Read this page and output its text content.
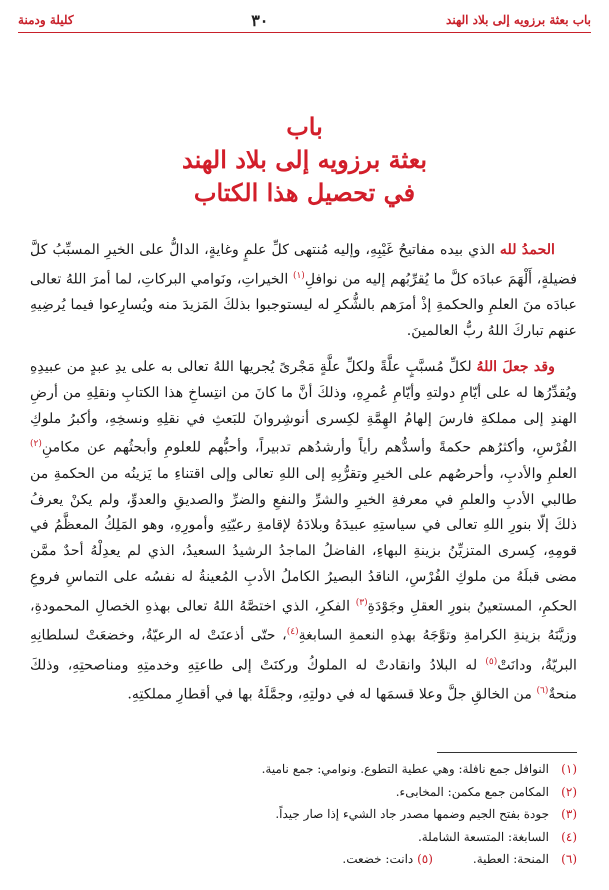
باب بعثة برزويه إلى بلاد الهند
٣٠
كليلة ودمنة
باب
بعثة برزويه إلى بلاد الهند
في تحصيل هذا الكتاب

الحمدُ لله الذي بيده مفاتيحُ غَيْبِهِ، وإليه مُنتهى كلِّ علمٍ وغايةٍ، الدالُّ على الخيرِ المسبِّبُ كلَّ فضيلةٍ، أَلْهَمَ عبادَه كلَّ ما يُقرِّبُهم إليه من نوافلِ$^{(١)}$ الخيراتِ، ونَوامي البركاتِ، لما أمرَ اللهُ تعالى عبادَه منَ العلمِ والحكمةِ إذْ أمرَهم بالشُّكرِ له ليستوجبوا بذلكَ المَزيدَ منه ويُسارِعوا فيما يُرضِيهِ عنهم تباركَ اللهُ ربُّ العالمينَ.

وقد جعلَ اللهُ لكلِّ مُسبَّبٍ علَّةً ولكلِّ علَّةٍ مَجْرىً يُجريها اللهُ تعالى به على يدِ عبدٍ من عبيدِهِ ويُقدِّرُها له على أيّامِ دولتهِ وأيّامِ عُمرِهِ، وذلكَ أنَّ ما كانَ من انتِساخِ هذا الكتابِ ونقلِهِ من أرضِ الهندِ إلى مملكةِ فارسَ إلهامُ الهِمَّةِ لكِسرى أنوشِروانَ للبَعثِ في نقلِهِ ونسخِهِ، وأكبرُ ملوكِ الفُرْسِ، وأكثرُهم حكمةً وأسدُّهم رأياً وأرشدُهم تدبيراً، وأحبُّهم للعلومِ وأبحثُهم عن مكامنِ$^{(٢)}$ العلمِ والأدبِ، وأحرصُهم على الخيرِ وتقرُّبِهِ إلى اللهِ تعالى وإلى اقتناءِ ما يَزينُه من الحكمةِ من طالبي الأدبِ والعلمِ في معرفةِ الخيرِ والشرِّ والنفعِ والضرِّ والصديقِ والعدوِّ، ولم يكنْ يعرفُ ذلكَ إلّا بنورِ اللهِ تعالى في سياستِهِ عبيدَهُ وبلادَهُ لإقامةِ رعيّتِهِ وأمورِهِ، وهو المَلِكُ المعظَّمُ في قومِهِ، كِسرى المتزيِّنُ بزينةِ البهاءِ، الفاضلُ الماجدُ الرشيدُ السعيدُ، الذي لم يعدِلْهُ أحدٌ ممَّن مضى قبلَهُ من ملوكِ الفُرْسِ، الناقدُ البصيرُ الكاملُ الأدبِ المُعينةُ له نفسُه على التماسِ فروعِ الحكمِ، المستعينُ بنورِ العقلِ وجَوْدَةِ$^{(٣)}$ الفكرِ، الذي اختصَّهُ اللهُ تعالى بهذهِ الخصالِ المحمودةِ، وزيَّنَهُ بزينةِ الكرامةِ وتوَّجَهُ بهذهِ النعمةِ السابغةِ$^{(٤)}$، حتّى أذعنَتْ له الرعيّةُ، وخضعَتْ لسلطانِهِ البريّةُ، ودانَتْ$^{(٥)}$ له البلادُ وانقادتْ له الملوكُ وركنَتْ إلى طاعتِهِ وخدمتِهِ ومناصحتِهِ، وذلكَ منحةٌ$^{(٦)}$ من الخالقِ جلَّ وعلا قسمَها له في دولتِهِ، وجمَّلَهُ بها في أقطارِ مملكتِهِ.

(١)
النوافل جمع نافلة: وهي عطية التطوع. ونوامي: جمع نامية.
(٢)
المكامن جمع مكمن: المخابىء.
(٣)
جودة بفتح الجيم وضمها مصدر جاد الشيء إذا صار جيداً.
(٤)
السابغة: المتسعة الشاملة.
(٦)
المنحة: العطية.
(٥) دانت: خضعت.
